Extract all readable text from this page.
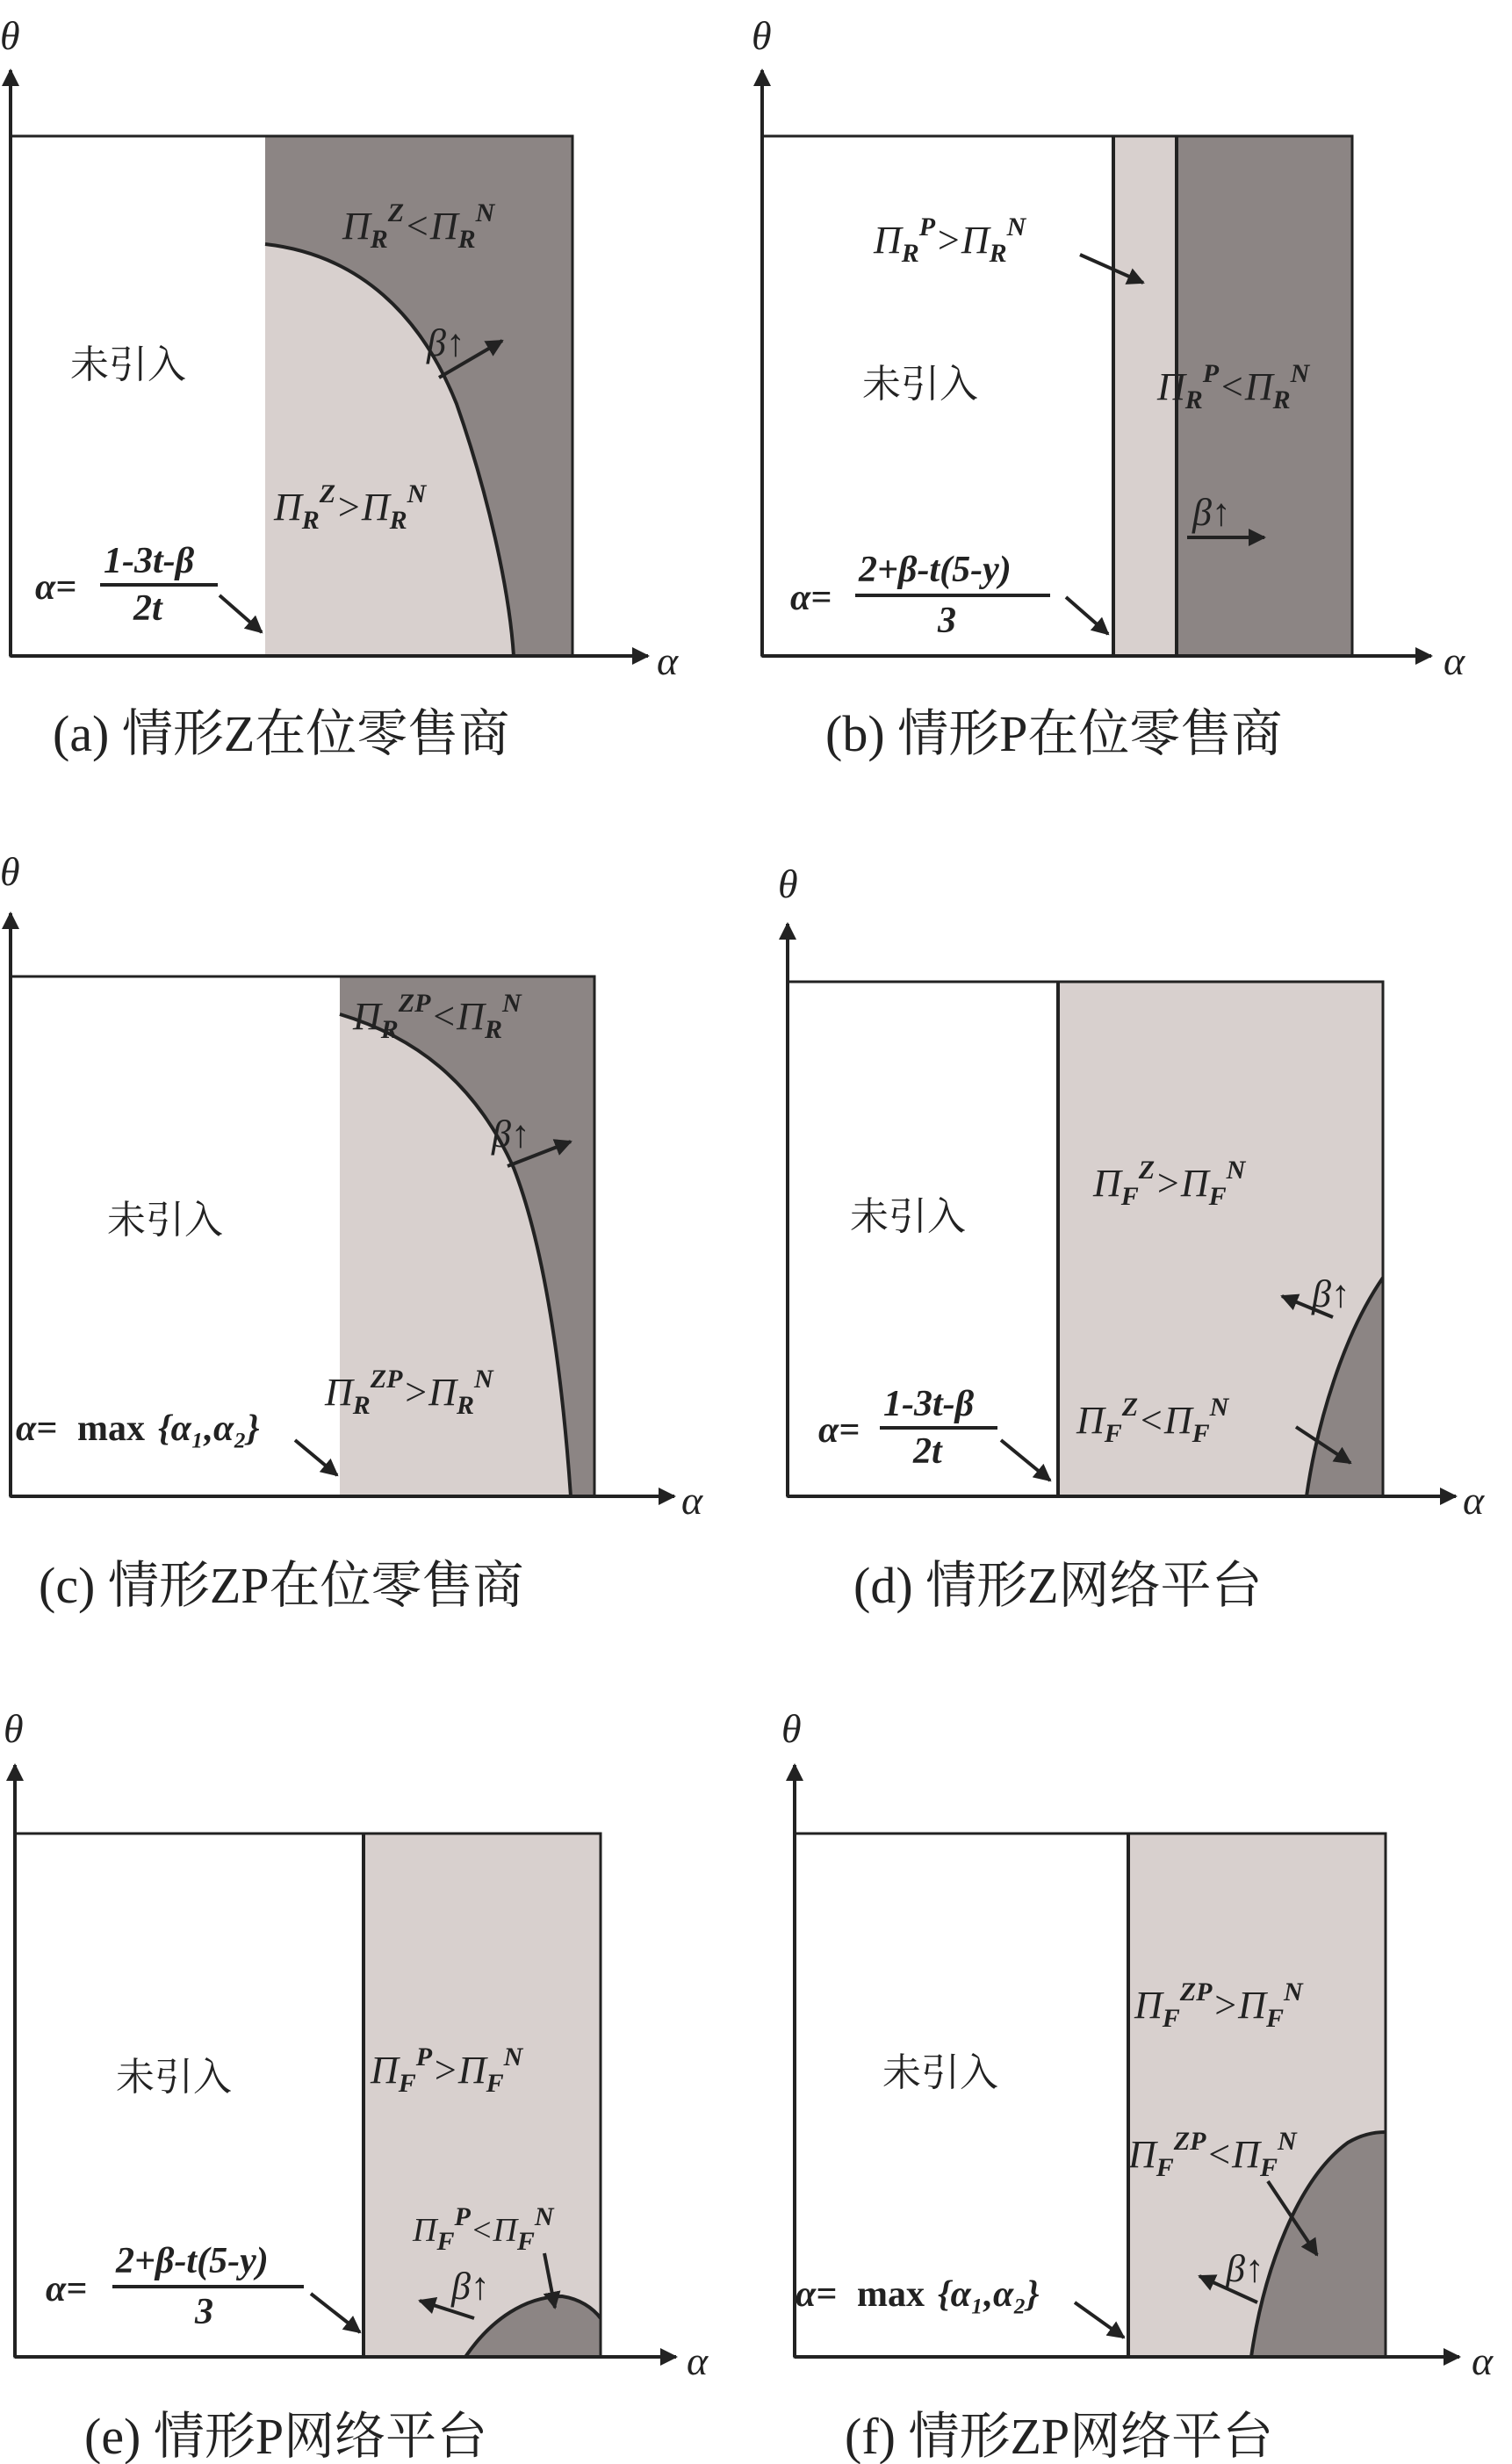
θ
α
未引入
$\Pi_R^Z<\Pi_R^N$
$\Pi_R^Z>\Pi_R^N$
β↑
α=
1-3t-β
2t
(a) 情形Z在位零售商
θ
α
未引入
$\Pi_R^P>\Pi_R^N$
$\Pi_R^P<\Pi_R^N$
β↑
α=
2+β-t(5-y)
3
(b) 情形P在位零售商
θ
α
未引入
$\Pi_R^{ZP}<\Pi_R^N$
$\Pi_R^{ZP}>\Pi_R^N$
β↑
α= max {α₁,α₂}
(c) 情形ZP在位零售商
θ
α
未引入
$\Pi_F^Z>\Pi_F^N$
$\Pi_F^Z<\Pi_F^N$
β↑
α=
1-3t-β
2t
(d) 情形Z网络平台
θ
α
未引入	$\Pi_F^P>\Pi_F^N$
$\Pi_F^P<\Pi_F^N$
β↑
α=
2+β-t(5-y)
3
(e) 情形P网络平台
θ
α
未引入
$\Pi_F^{ZP}>\Pi_F^N$
$\Pi_F^{ZP}<\Pi_F^N$
β↑
α= max {α₁,α₂}
(f) 情形ZP网络平台
